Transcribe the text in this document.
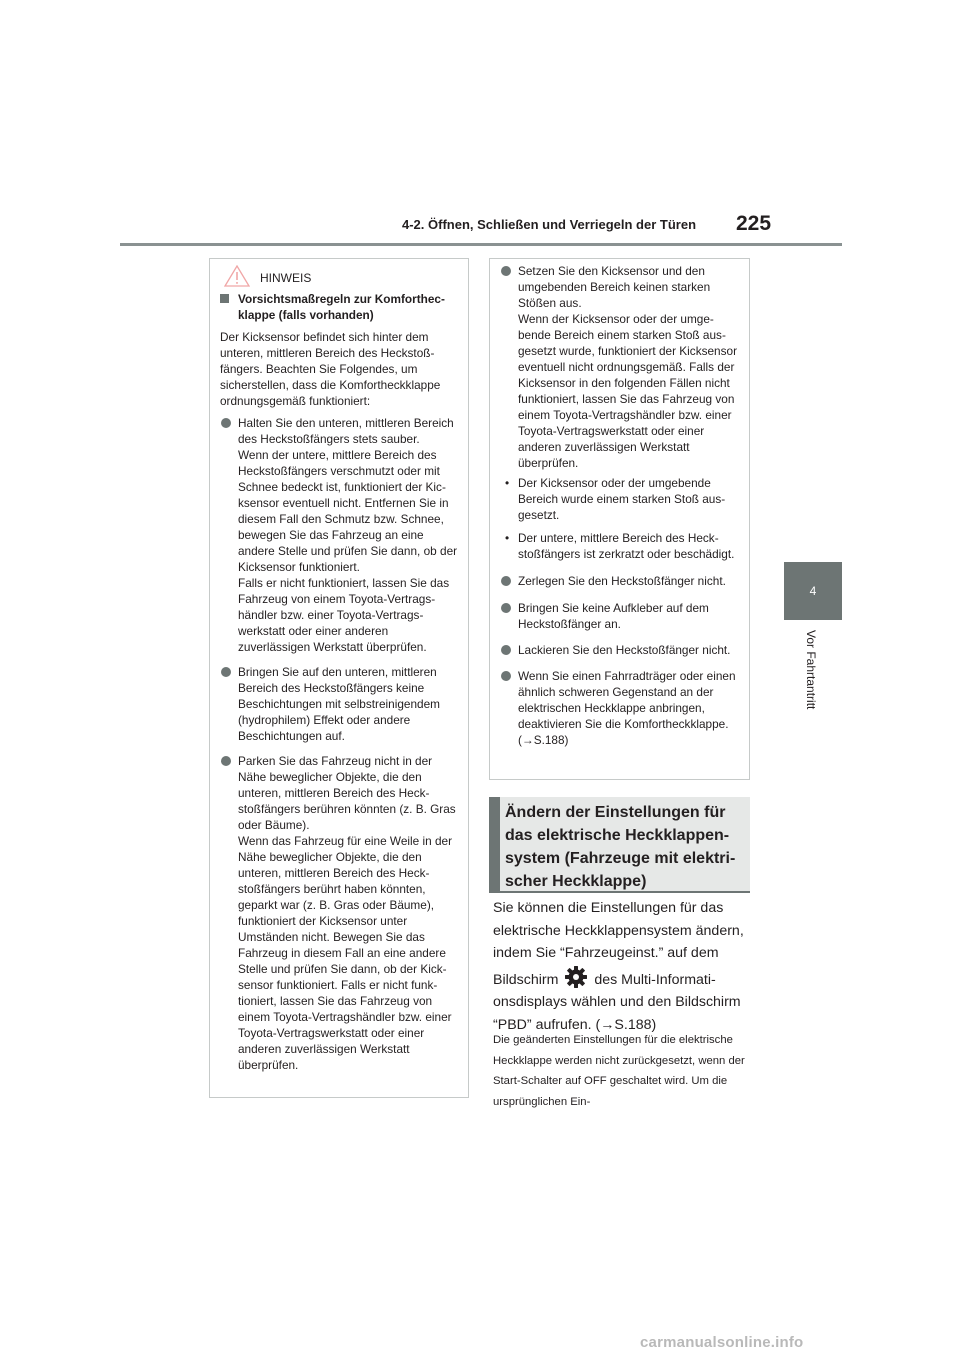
4-2. Öffnen, Schließen und Verriegeln der Türen 225
4
Vor Fahrtantritt
HINWEIS

Vorsichtsmaßregeln zur Komforthecklappe (falls vorhanden)

Der Kicksensor befindet sich hinter dem unteren, mittleren Bereich des Heckstoßfängers. Beachten Sie Folgendes, um sicherstellen, dass die Komfortheckklappe ordnungsgemäß funktioniert:

Halten Sie den unteren, mittleren Bereich des Heckstoßfängers stets sauber.
Wenn der untere, mittlere Bereich des Heckstoßfängers verschmutzt oder mit Schnee bedeckt ist, funktioniert der Kicksensor eventuell nicht. Entfernen Sie in diesem Fall den Schmutz bzw. Schnee, bewegen Sie das Fahrzeug an eine andere Stelle und prüfen Sie dann, ob der Kicksensor funktioniert.
Falls er nicht funktioniert, lassen Sie das Fahrzeug von einem Toyota-Vertragshändler bzw. einer Toyota-Vertragswerkstatt oder einer anderen zuverlässigen Werkstatt überprüfen.

Bringen Sie auf den unteren, mittleren Bereich des Heckstoßfängers keine Beschichtungen mit selbstreinigendem (hydrophilem) Effekt oder andere Beschichtungen auf.

Parken Sie das Fahrzeug nicht in der Nähe beweglicher Objekte, die den unteren, mittleren Bereich des Heckstoßfängers berühren könnten (z. B. Gras oder Bäume).
Wenn das Fahrzeug für eine Weile in der Nähe beweglicher Objekte, die den unteren, mittleren Bereich des Heckstoßfängers berührt haben könnten, geparkt war (z. B. Gras oder Bäume), funktioniert der Kicksensor unter Umständen nicht. Bewegen Sie das Fahrzeug in diesem Fall an eine andere Stelle und prüfen Sie dann, ob der Kicksensor funktioniert. Falls er nicht funktioniert, lassen Sie das Fahrzeug von einem Toyota-Vertragshändler bzw. einer Toyota-Vertragswerkstatt oder einer anderen zuverlässigen Werkstatt überprüfen.

Setzen Sie den Kicksensor und den umgebenden Bereich keinen starken Stößen aus.
Wenn der Kicksensor oder der umgebende Bereich einem starken Stoß ausgesetzt wurde, funktioniert der Kicksensor eventuell nicht ordnungsgemäß. Falls der Kicksensor in den folgenden Fällen nicht funktioniert, lassen Sie das Fahrzeug von einem Toyota-Vertragshändler bzw. einer Toyota-Vertragswerkstatt oder einer anderen zuverlässigen Werkstatt überprüfen.

• Der Kicksensor oder der umgebende Bereich wurde einem starken Stoß ausgesetzt.

• Der untere, mittlere Bereich des Heckstoßfängers ist zerkratzt oder beschädigt.

Zerlegen Sie den Heckstoßfänger nicht.

Bringen Sie keine Aufkleber auf dem Heckstoßfänger an.

Lackieren Sie den Heckstoßfänger nicht.

Wenn Sie einen Fahrradträger oder einen ähnlich schweren Gegenstand an der elektrischen Heckklappe anbringen, deaktivieren Sie die Komfortheckklappe. (→S.188)

Ändern der Einstellungen für das elektrische Heckklappensystem (Fahrzeuge mit elektrischer Heckklappe)

Sie können die Einstellungen für das elektrische Heckklappensystem ändern, indem Sie “Fahrzeugeinst.” auf dem Bildschirm	des Multi-Informationsdisplays wählen und den Bildschirm “PBD” aufrufen. (→S.188)

Die geänderten Einstellungen für die elektrische Heckklappe werden nicht zurückgesetzt, wenn der Start-Schalter auf OFF geschaltet wird. Um die ursprünglichen Ein-

carmanualsonline.info
